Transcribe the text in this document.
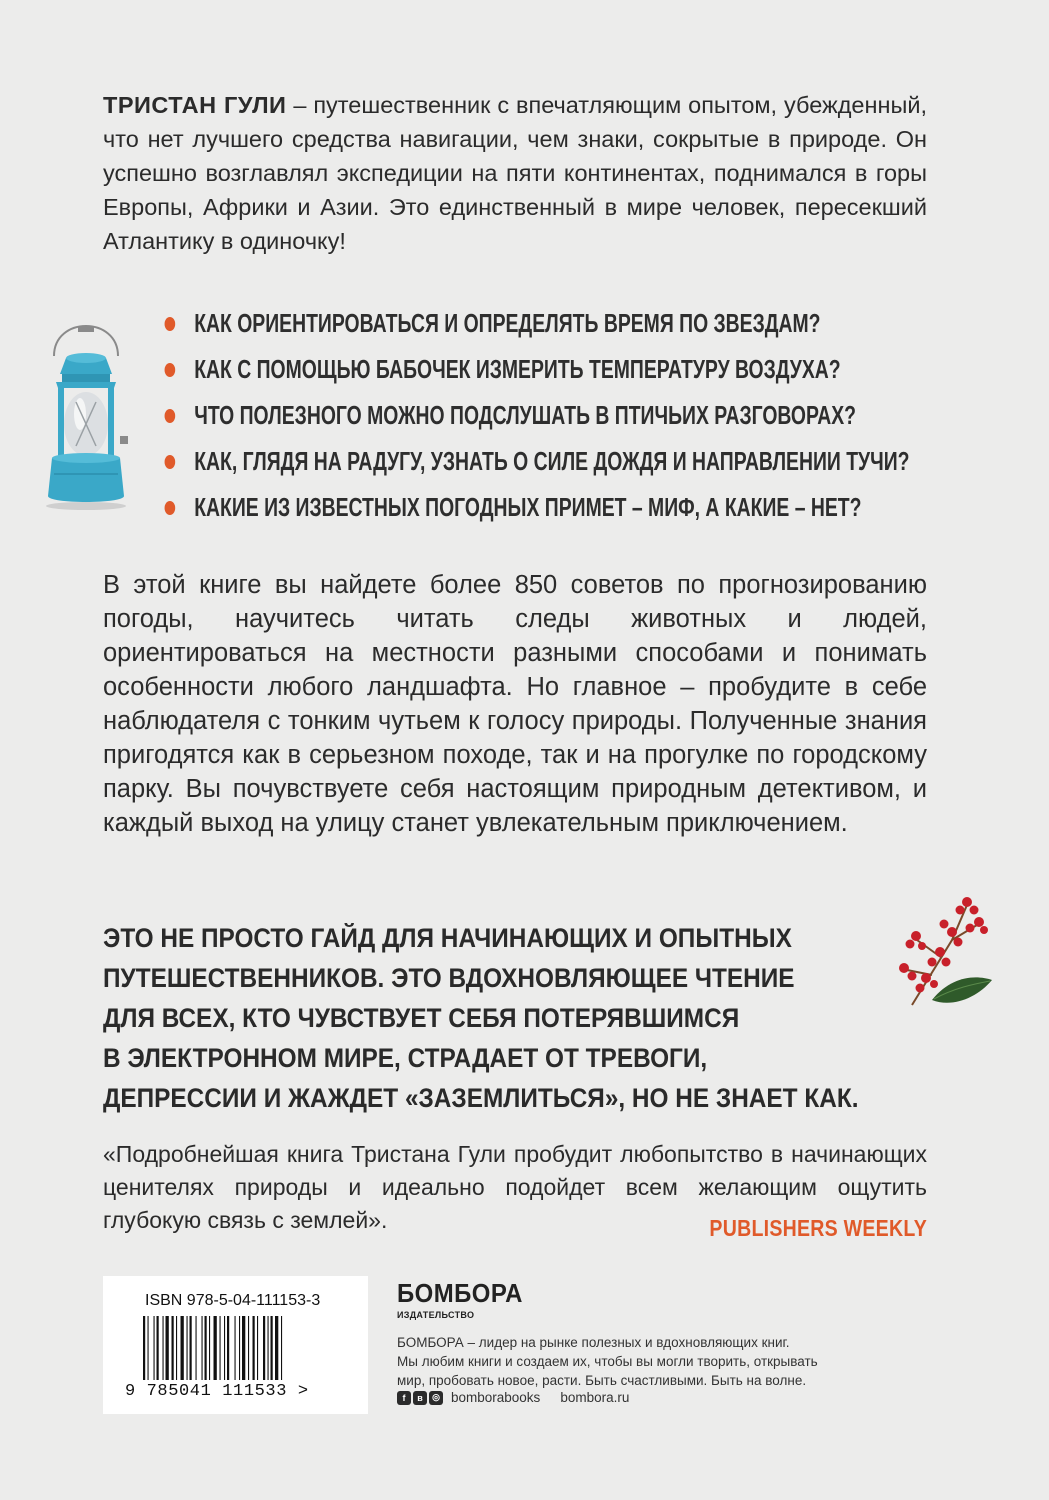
ТРИСТАН ГУЛИ – путешественник с впечатляющим опытом, убежденный, что нет лучшего средства навигации, чем знаки, сокрытые в природе. Он успешно возглавлял экспедиции на пяти континентах, поднимался в горы Европы, Африки и Азии. Это единственный в мире человек, пересекший Атлантику в одиночку!

КАК ОРИЕНТИРОВАТЬСЯ И ОПРЕДЕЛЯТЬ ВРЕМЯ ПО ЗВЕЗДАМ?
КАК С ПОМОЩЬЮ БАБОЧЕК ИЗМЕРИТЬ ТЕМПЕРАТУРУ ВОЗДУХА?
ЧТО ПОЛЕЗНОГО МОЖНО ПОДСЛУШАТЬ В ПТИЧЬИХ РАЗГОВОРАХ?
КАК, ГЛЯДЯ НА РАДУГУ, УЗНАТЬ О СИЛЕ ДОЖДЯ И НАПРАВЛЕНИИ ТУЧИ?
КАКИЕ ИЗ ИЗВЕСТНЫХ ПОГОДНЫХ ПРИМЕТ – МИФ, А КАКИЕ – НЕТ?

В этой книге вы найдете более 850 советов по прогнозированию погоды, научитесь читать следы животных и людей, ориентироваться на местности разными способами и понимать особенности любого ландшафта. Но главное – пробудите в себе наблюдателя с тонким чутьем к голосу природы. Полученные знания пригодятся как в серьезном походе, так и на прогулке по городскому парку. Вы почувствуете себя настоящим природным детективом, и каждый выход на улицу станет увлекательным приключением.

ЭТО НЕ ПРОСТО ГАЙД ДЛЯ НАЧИНАЮЩИХ И ОПЫТНЫХ
ПУТЕШЕСТВЕННИКОВ. ЭТО ВДОХНОВЛЯЮЩЕЕ ЧТЕНИЕ
ДЛЯ ВСЕХ, КТО ЧУВСТВУЕТ СЕБЯ ПОТЕРЯВШИМСЯ
В ЭЛЕКТРОННОМ МИРЕ, СТРАДАЕТ ОТ ТРЕВОГИ,
ДЕПРЕССИИ И ЖАЖДЕТ «ЗАЗЕМЛИТЬСЯ», НО НЕ ЗНАЕТ КАК.

«Подробнейшая книга Тристана Гули пробудит любопытство в начинающих ценителях природы и идеально подойдет всем желающим ощутить глубокую связь с землей».	PUBLISHERS WEEKLY
ISBN 978-5-04-111153-3
9 785041 111533 >
БОМБОРА
ИЗДАТЕЛЬСТВО

БОМБОРА – лидер на рынке полезных и вдохновляющих книг.
Мы любим книги и создаем их, чтобы вы могли творить, открывать
мир, пробовать новое, расти. Быть счастливыми. Быть на волне.

f	в	◎ bomborabooks bombora.ru
